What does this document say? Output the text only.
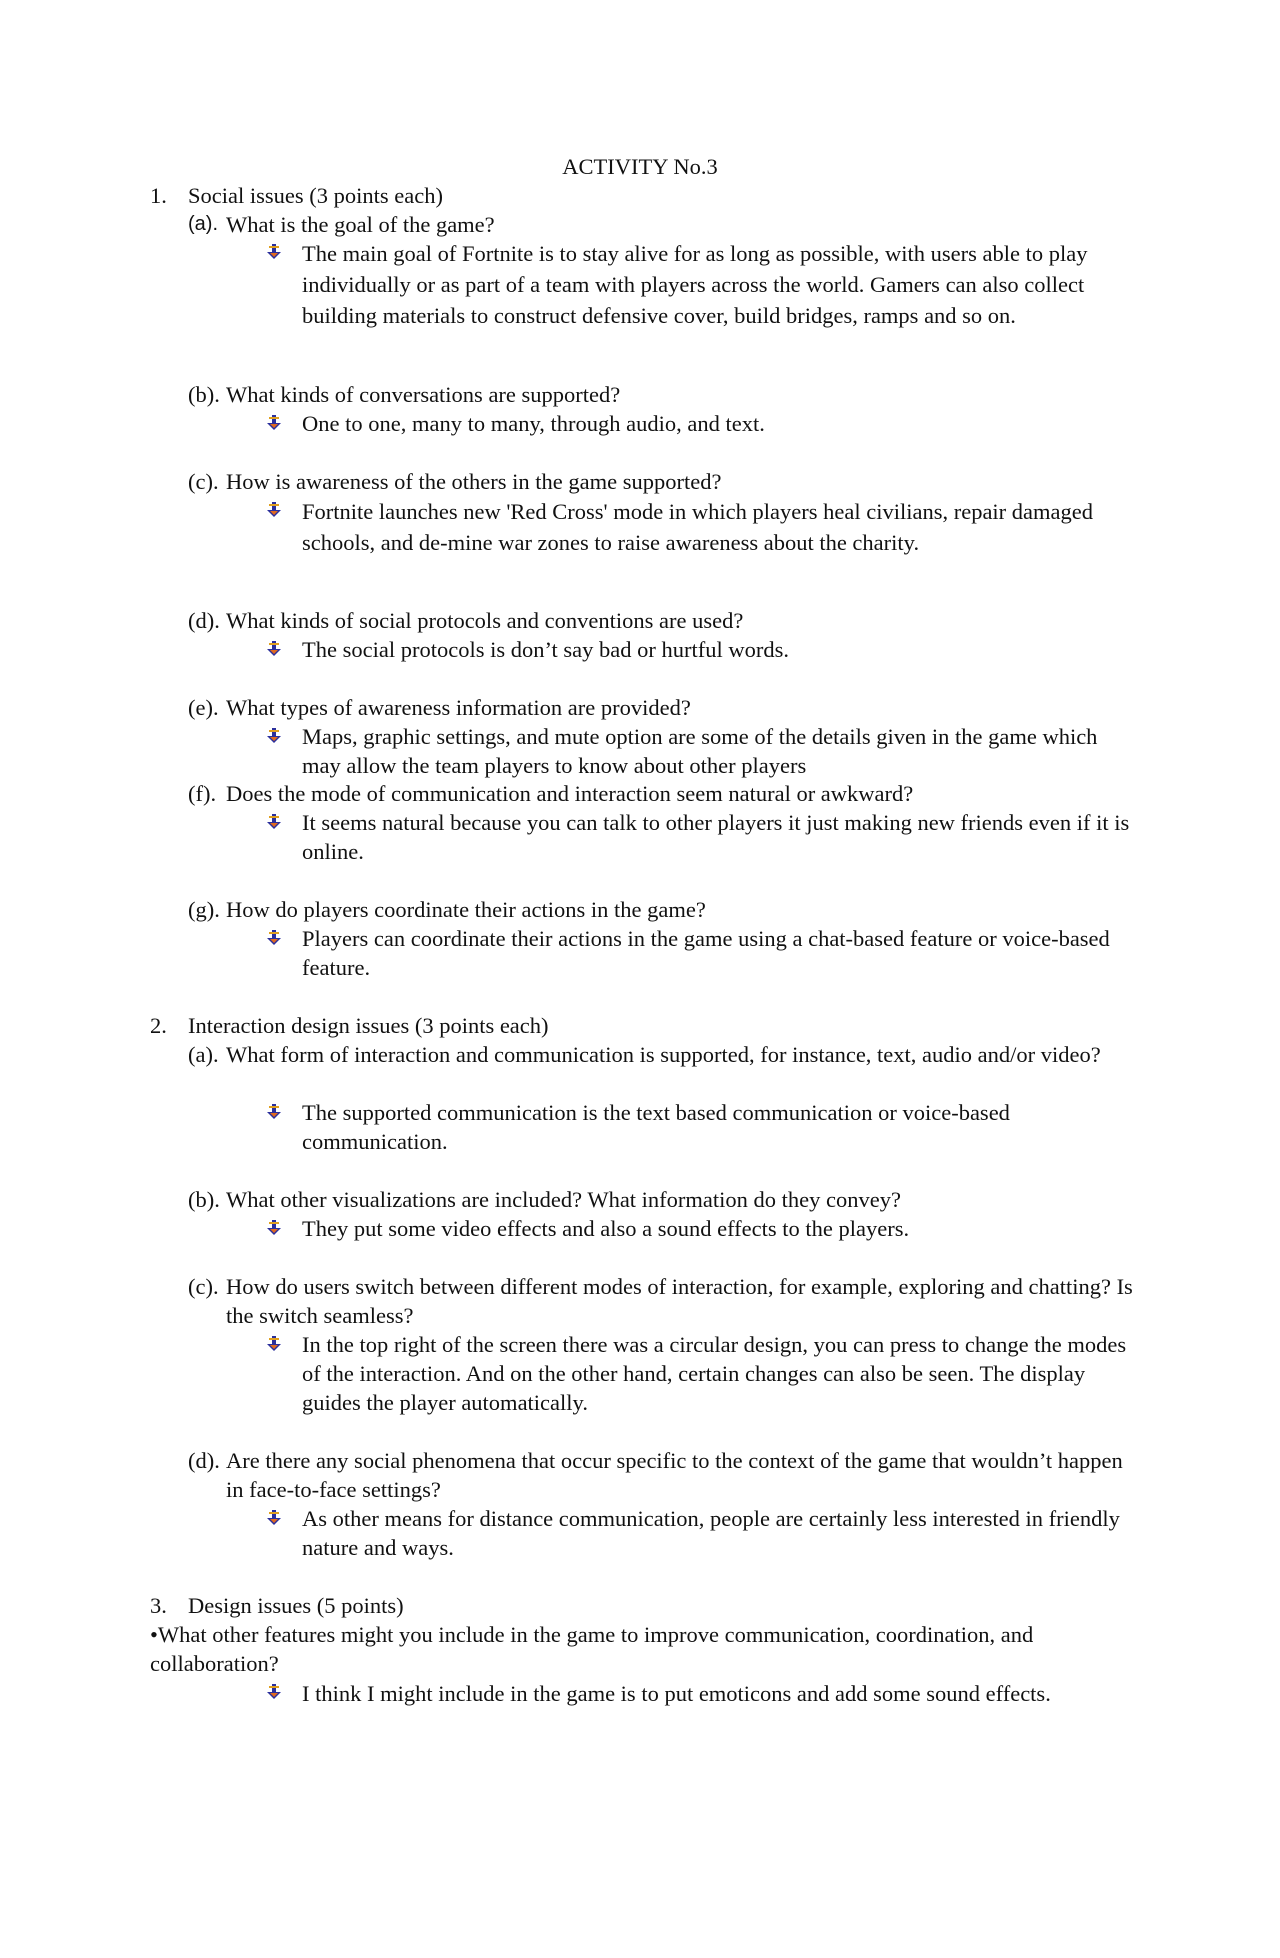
ACTIVITY No.3
1. Social issues (3 points each)
(a). What is the goal of the game?
The main goal of Fortnite is to stay alive for as long as possible, with users able to play individually or as part of a team with players across the world. Gamers can also collect building materials to construct defensive cover, build bridges, ramps and so on.
(b). What kinds of conversations are supported?
One to one, many to many, through audio, and text.
(c). How is awareness of the others in the game supported?
Fortnite launches new 'Red Cross' mode in which players heal civilians, repair damaged schools, and de-mine war zones to raise awareness about the charity.
(d). What kinds of social protocols and conventions are used?
The social protocols is don’t say bad or hurtful words.
(e). What types of awareness information are provided?
Maps, graphic settings, and mute option are some of the details given in the game which may allow the team players to know about other players
(f). Does the mode of communication and interaction seem natural or awkward?
It seems natural because you can talk to other players it just making new friends even if it is online.
(g). How do players coordinate their actions in the game?
Players can coordinate their actions in the game using a chat-based feature or voice-based feature.
2. Interaction design issues (3 points each)
(a). What form of interaction and communication is supported, for instance, text, audio and/or video?
The supported communication is the text based communication or voice-based communication.
(b). What other visualizations are included? What information do they convey?
They put some video effects and also a sound effects to the players.
(c). How do users switch between different modes of interaction, for example, exploring and chatting? Is the switch seamless?
In the top right of the screen there was a circular design, you can press to change the modes of the interaction. And on the other hand, certain changes can also be seen. The display guides the player automatically.
(d). Are there any social phenomena that occur specific to the context of the game that wouldn’t happen in face-to-face settings?
As other means for distance communication, people are certainly less interested in friendly nature and ways.
3. Design issues (5 points)
•What other features might you include in the game to improve communication, coordination, and collaboration?
I think I might include in the game is to put emoticons and add some sound effects.
